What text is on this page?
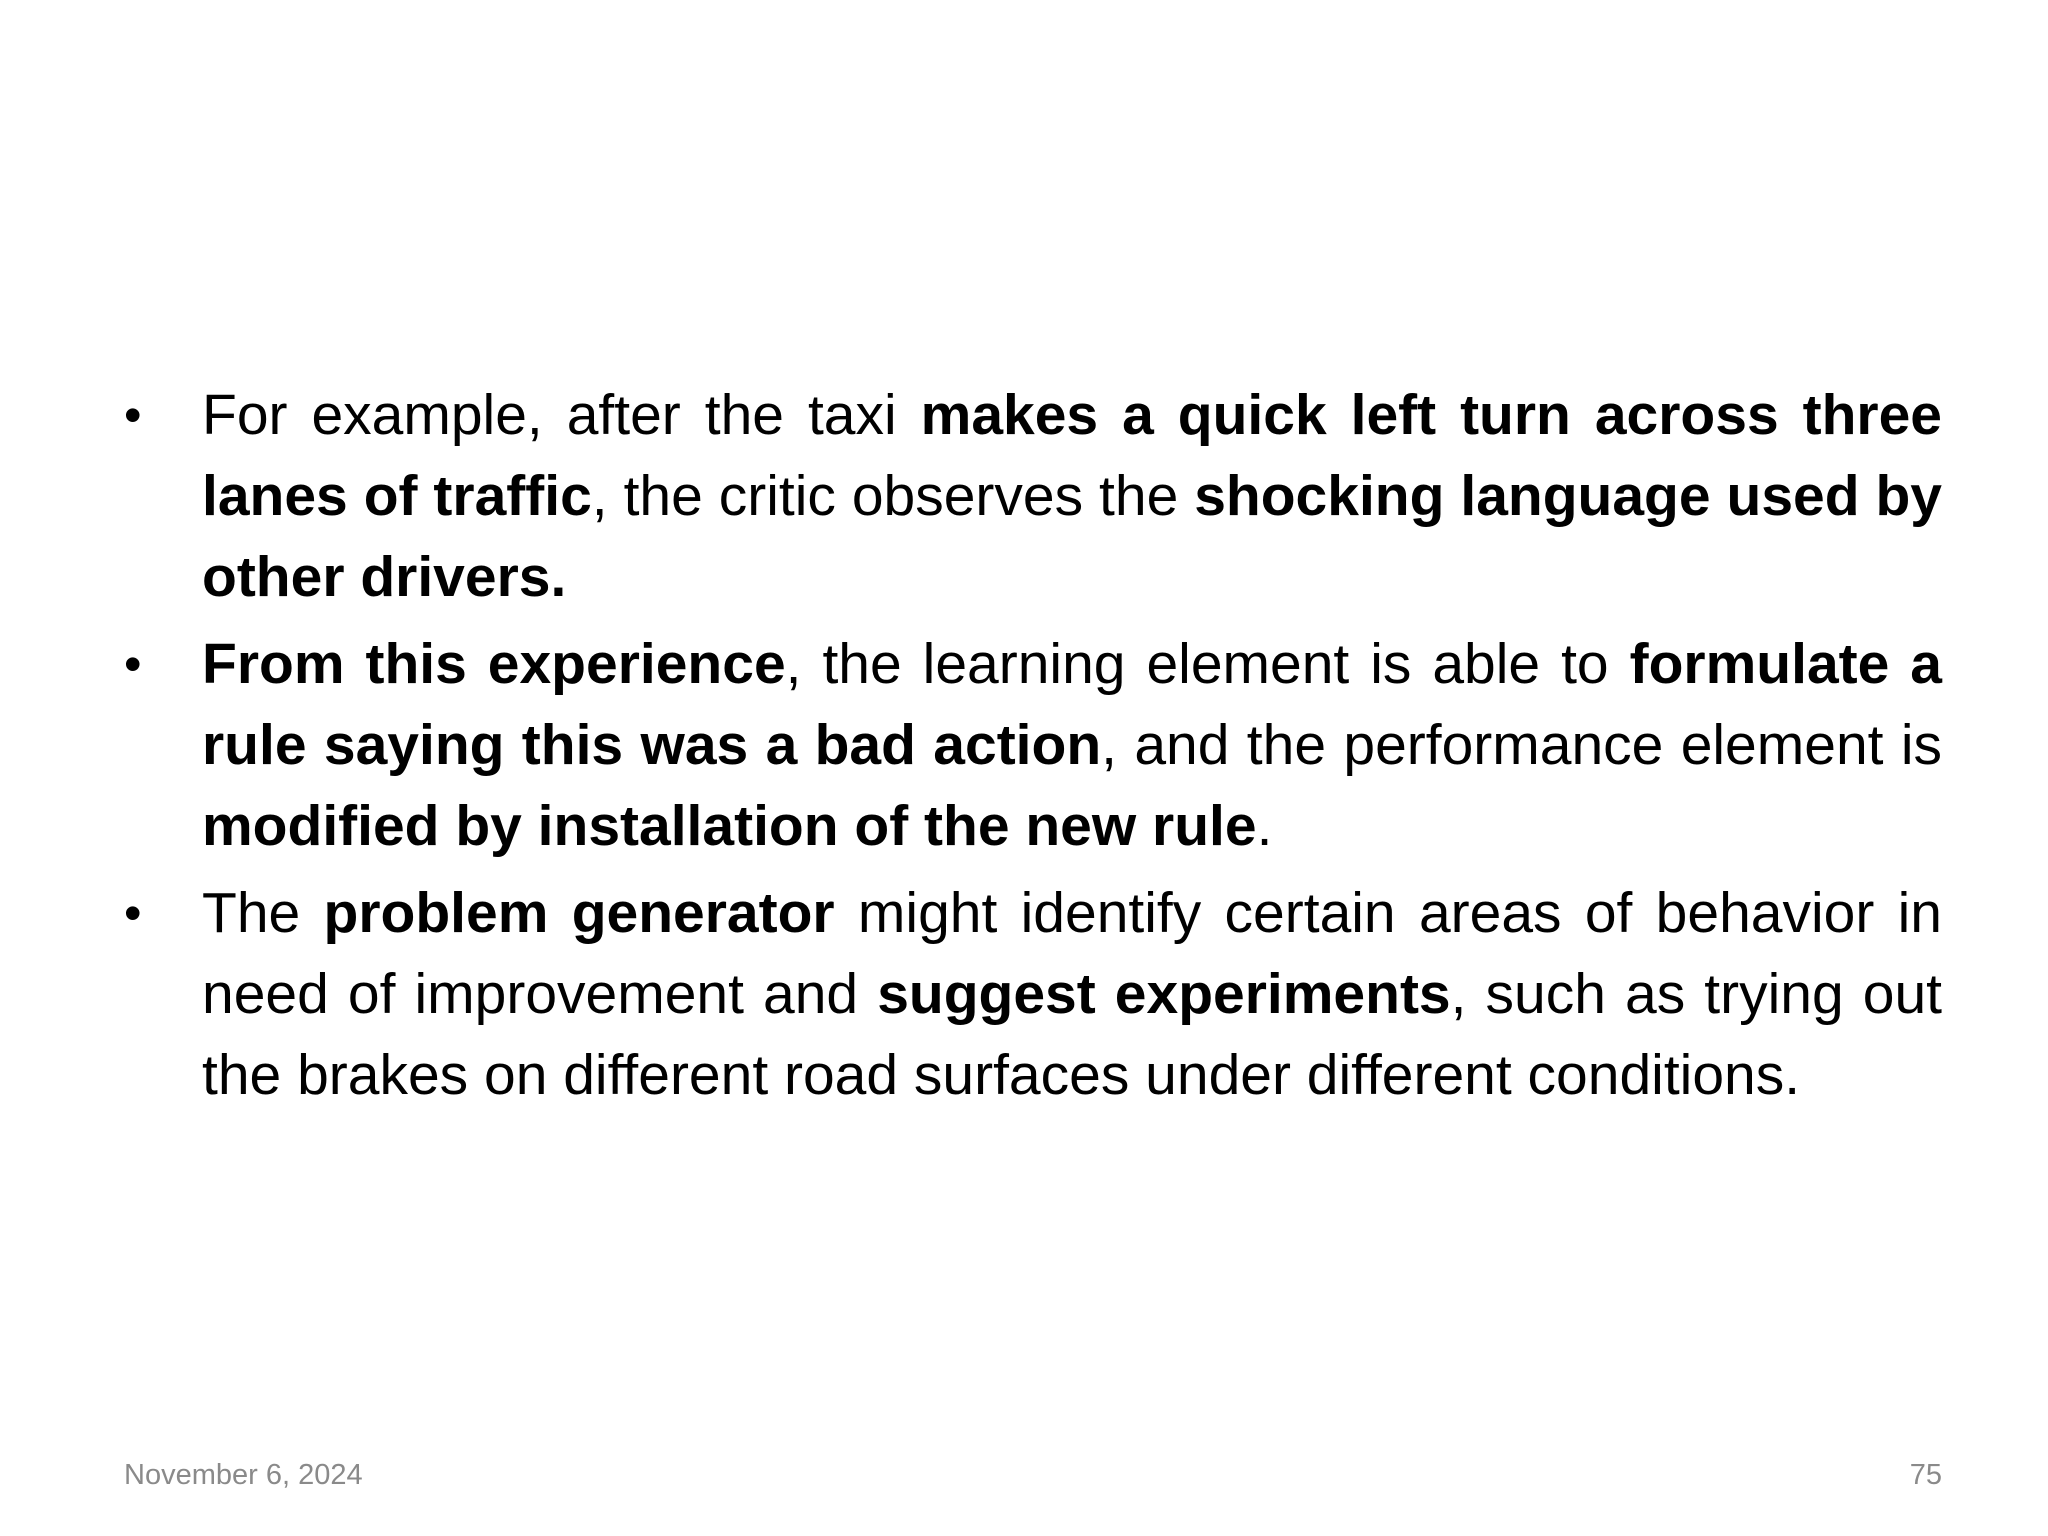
•	For example, after the taxi makes a quick left turn across three lanes of traffic, the critic observes the shocking language used by other drivers.
•	From this experience, the learning element is able to formulate a rule saying this was a bad action, and the performance element is modified by installation of the new rule.
•	The problem generator might identify certain areas of behavior in need of improvement and suggest experiments, such as trying out the brakes on different road surfaces under different conditions.
November 6, 2024	75
